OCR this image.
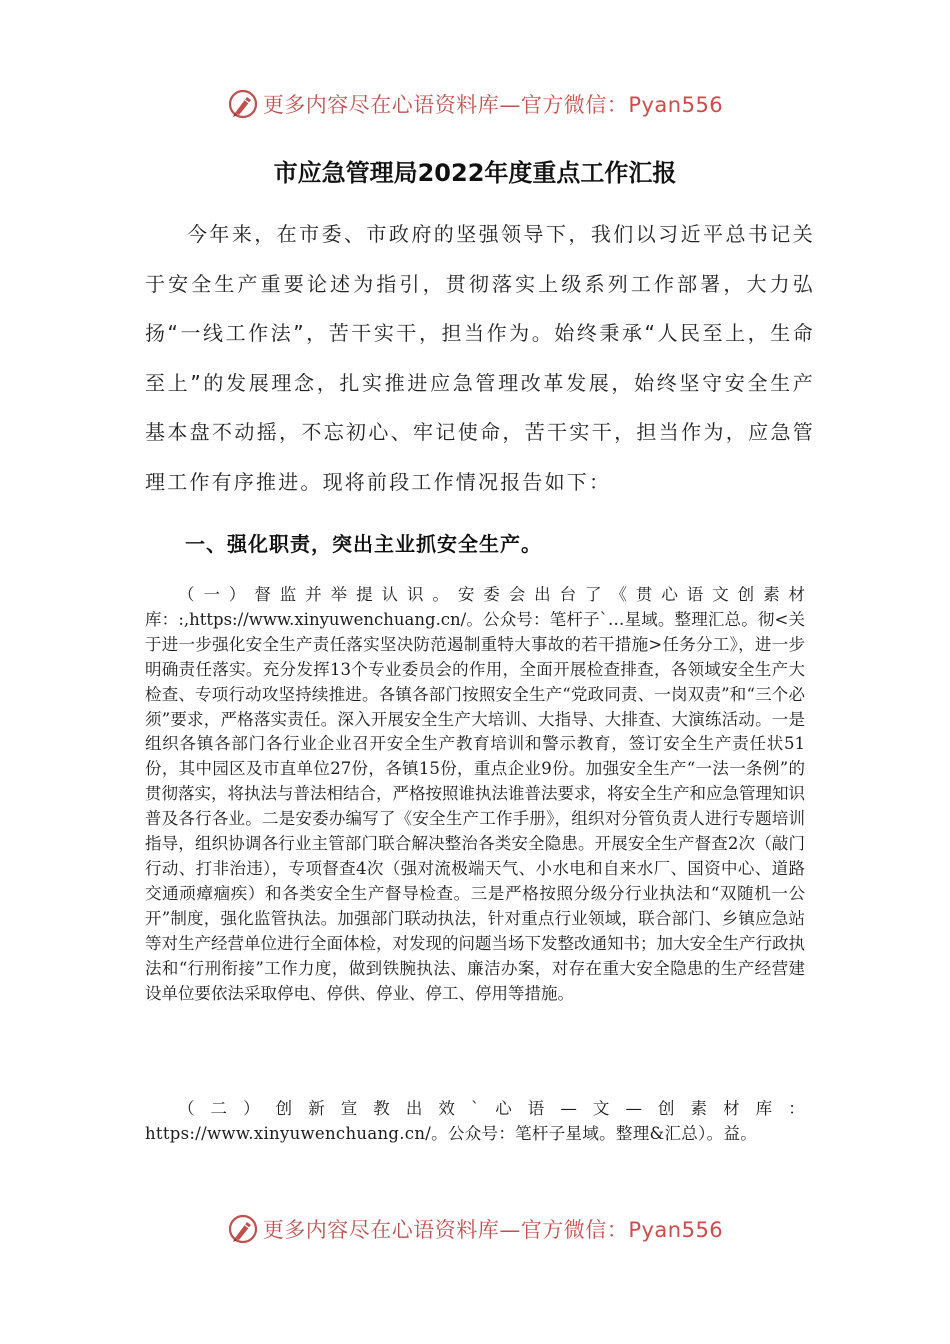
更多内容尽在心语资料库—官方微信：Pyan556
市应急管理局2022年度重点工作汇报

今年来，在市委、市政府的坚强领导下，我们以习近平总书记关于安全生产重要论述为指引，贯彻落实上级系列工作部署，大力弘扬“一线工作法”，苦干实干，担当作为。始终秉承“人民至上，生命至上”的发展理念，扎实推进应急管理改革发展，始终坚守安全生产基本盘不动摇，不忘初心、牢记使命，苦干实干，担当作为，应急管理工作有序推进。现将前段工作情况报告如下：

一、强化职责，突出主业抓安全生产。

（一）督监并举提认识。安委会出台了《贯心语文创素材库：:,https://www.xinyuwenchuang.cn/。公众号：笔杆子`…星域。整理汇总。彻<关于进一步强化安全生产责任落实坚决防范遏制重特大事故的若干措施>任务分工》，进一步明确责任落实。充分发挥13个专业委员会的作用，全面开展检查排查，各领域安全生产大检查、专项行动攻坚持续推进。各镇各部门按照安全生产“党政同责、一岗双责”和“三个必须”要求，严格落实责任。深入开展安全生产大培训、大指导、大排查、大演练活动。一是组织各镇各部门各行业企业召开安全生产教育培训和警示教育，签订安全生产责任状51份，其中园区及市直单位27份，各镇15份，重点企业9份。加强安全生产“一法一条例”的贯彻落实，将执法与普法相结合，严格按照谁执法谁普法要求，将安全生产和应急管理知识普及各行各业。二是安委办编写了《安全生产工作手册》，组织对分管负责人进行专题培训指导，组织协调各行业主管部门联合解决整治各类安全隐患。开展安全生产督查2次（敲门行动、打非治违），专项督查4次（强对流极端天气、小水电和自来水厂、国资中心、道路交通顽瘴痼疾）和各类安全生产督导检查。三是严格按照分级分行业执法和“双随机一公开”制度，强化监管执法。加强部门联动执法，针对重点行业领域，联合部门、乡镇应急站等对生产经营单位进行全面体检，对发现的问题当场下发整改通知书；加大安全生产行政执法和“行刑衔接”工作力度，做到铁腕执法、廉洁办案，对存在重大安全隐患的生产经营建设单位要依法采取停电、停供、停业、停工、停用等措施。

（二）创新宣教出效`心语—文—创素材库：https://www.xinyuwenchuang.cn/。公众号：笔杆子星域。整理&汇总）。益。

更多内容尽在心语资料库—官方微信：Pyan556
